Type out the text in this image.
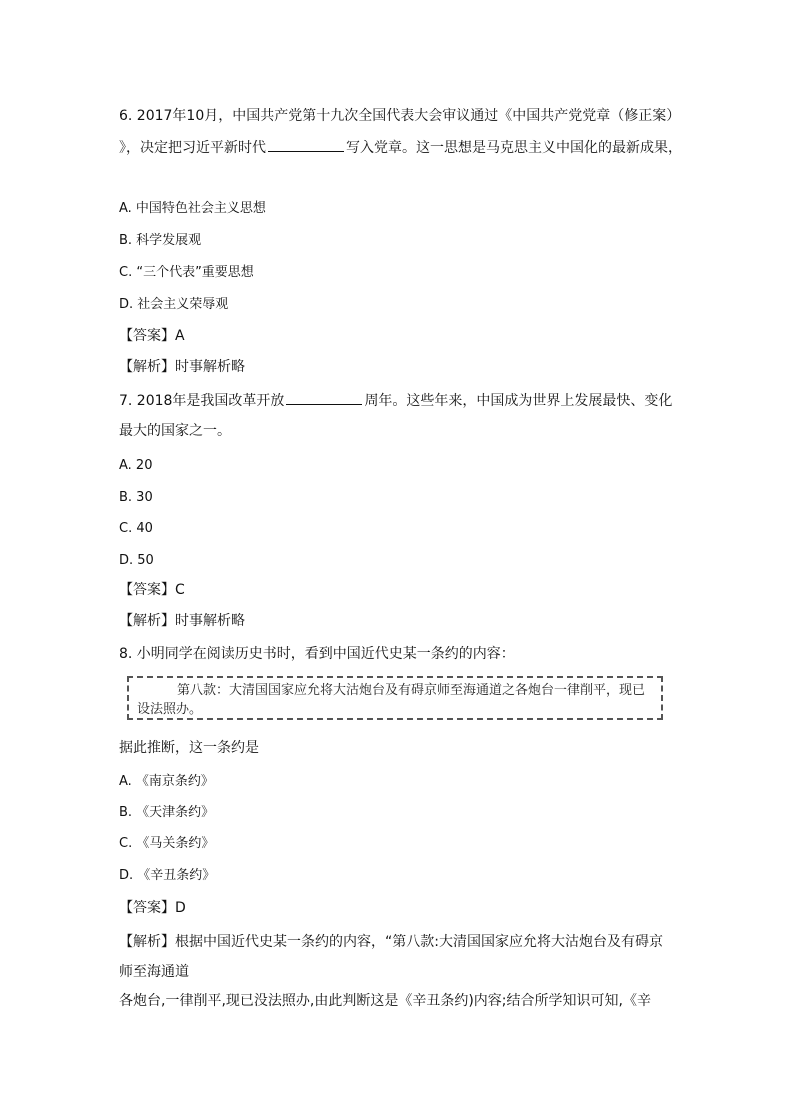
6. 2017年10月，中国共产党第十九次全国代表大会审议通过《中国共产党党章（修正案）
》，决定把习近平新时代	写入党章。这一思想是马克思主义中国化的最新成果，
A. 中国特色社会主义思想
B. 科学发展观
C. “三个代表”重要思想
D. 社会主义荣辱观
【答案】A
【解析】时事解析略
7. 2018年是我国改革开放	周年。这些年来，中国成为世界上发展最快、变化
最大的国家之一。
A. 20
B. 30
C. 40
D. 50
【答案】C
【解析】时事解析略
8. 小明同学在阅读历史书时，看到中国近代史某一条约的内容：
第八款：大清国国家应允将大沽炮台及有碍京师至海通道之各炮台一律削平，现已
设法照办。
据此推断，这一条约是
A. 《南京条约》
B. 《天津条约》
C. 《马关条约》
D. 《辛丑条约》
【答案】D
【解析】根据中国近代史某一条约的内容，“第八款:大清国国家应允将大沽炮台及有碍京
师至海通道
各炮台,一律削平,现已没法照办,由此判断这是《辛丑条约)内容;结合所学知识可知,《辛
